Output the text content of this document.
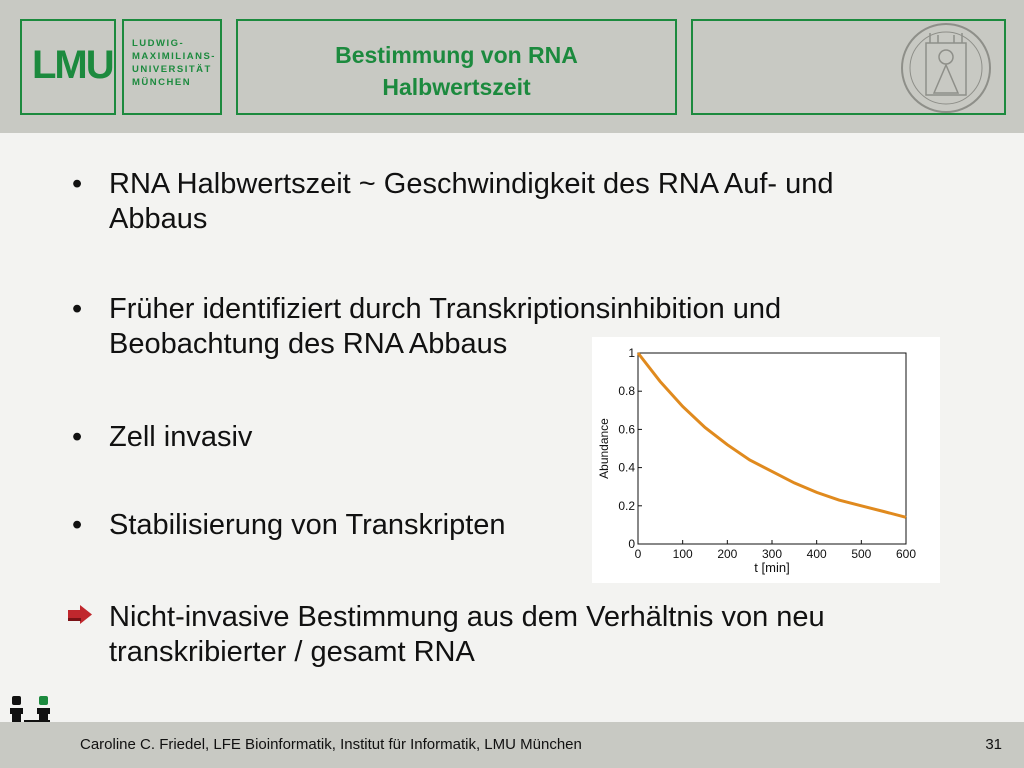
LMU LUDWIG-
MAXIMILIANS-
UNIVERSITÄT
MÜNCHEN
Bestimmung von RNA
Halbwertszeit
• RNA Halbwertszeit ~ Geschwindigkeit des RNA Auf- und
Abbaus
• Früher identifiziert durch Transkriptionsinhibition und
Beobachtung des RNA Abbaus
• Zell invasiv
• Stabilisierung von Transkripten
Nicht-invasive Bestimmung aus dem Verhältnis von neu
transkribierter / gesamt RNA
0	100 200 300 400 500 600
0
0.2
0.4
0.6
0.8
1
Abundance
t [min]
Caroline C. Friedel, LFE Bioinformatik, Institut für Informatik, LMU München	31
